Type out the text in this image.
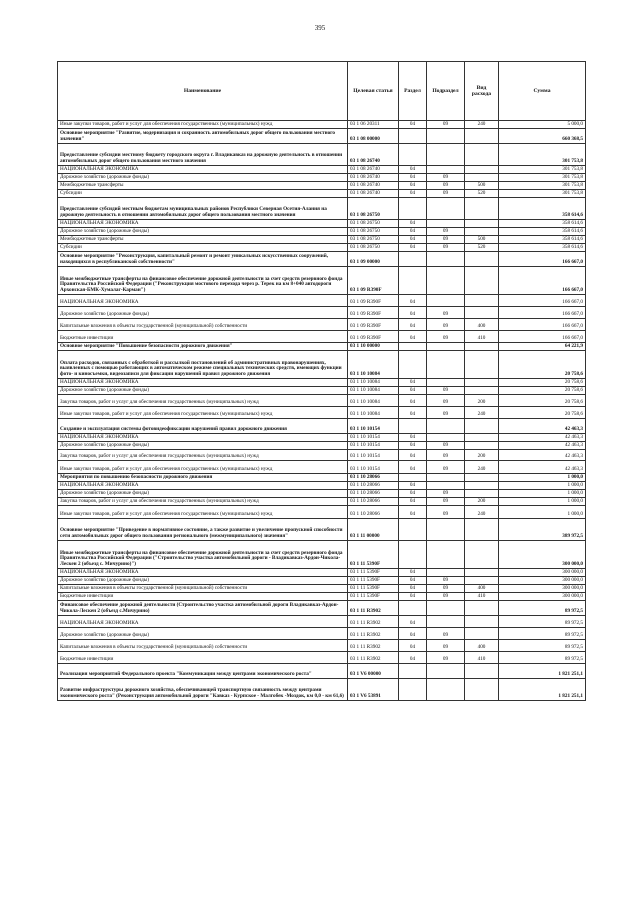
395
Наименование	Целевая статья	Раздел	Подраздел	Вид расхода	Сумма
Иные закупки товаров, работ и услуг для обеспечения государственных (муниципальных) нужд	03 1 06 20311	04	09	240	5 000,0
Основное мероприятие "Развитие, модернизация и сохранность автомобильных дорог общего пользования местного значения"	03 1 08 00000				660 368,5
Предоставление субсидии местному бюджету городского округа г. Владикавказ на дорожную деятельность в отношении автомобильных дорог общего пользования местного значения	03 1 08 26740				301 753,8
НАЦИОНАЛЬНАЯ ЭКОНОМИКА	03 1 08 26740	04			301 753,8
Дорожное хозяйство (дорожные фонды)	03 1 08 26740	04	09		301 753,8
Межбюджетные трансферты	03 1 08 26740	04	09	500	301 753,8
Субсидии	03 1 08 26740	04	09	520	301 753,8
Предоставление субсидий местным бюджетам муниципальных районов Республики Северная Осетия-Алания на дорожную деятельность в отношении автомобильных дорог общего пользования местного значения	03 1 08 26750				358 614,6
НАЦИОНАЛЬНАЯ ЭКОНОМИКА	03 1 08 26750	04			358 614,6
Дорожное хозяйство (дорожные фонды)	03 1 08 26750	04	09		358 614,6
Межбюджетные трансферты	03 1 08 26750	04	09	500	358 614,6
Субсидии	03 1 08 26750	04	09	520	358 614,6
Основное мероприятие "Реконструкция, капитальный ремонт и ремонт уникальных искусственных сооружений, находящихся в республиканской собственности"	03 1 09 00000				166 667,0
Иные межбюджетные трансферты на финансовое обеспечение дорожной деятельности за счет средств резервного фонда Правительства Российской Федерации ("Реконструкция мостового перехода через р. Терек на км 8+040 автодороги Архонская-БМК-Хумалаг-Карман")	03 1 09 R390F				166 667,0
НАЦИОНАЛЬНАЯ ЭКОНОМИКА	03 1 09 R390F	04			166 667,0
Дорожное хозяйство (дорожные фонды)	03 1 09 R390F	04	09		166 667,0
Капитальные вложения в объекты государственной (муниципальной) собственности	03 1 09 R390F	04	09	400	166 667,0
Бюджетные инвестиции	03 1 09 R390F	04	09	410	166 667,0
Основное мероприятие "Повышение безопасности дорожного движения"	03 1 10 00000				64 221,9
Оплата расходов, связанных с обработкой и рассылкой постановлений об административных правонарушениях, выявленных с помощью работающих в автоматическом режиме специальных технических средств, имеющих функции фото- и киносъемки, видеозаписи для фиксации нарушений правил дорожного движения	03 1 10 10084				20 758,6
НАЦИОНАЛЬНАЯ ЭКОНОМИКА	03 1 10 10084	04			20 758,6
Дорожное хозяйство (дорожные фонды)	03 1 10 10084	04	09		20 758,6
Закупка товаров, работ и услуг для обеспечения государственных (муниципальных) нужд	03 1 10 10084	04	09	200	20 758,6
Иные закупки товаров, работ и услуг для обеспечения государственных (муниципальных) нужд	03 1 10 10084	04	09	240	20 758,6
Создание и эксплуатация системы фотовидеофиксации нарушений правил дорожного движения	03 1 10 10154				42 463,3
НАЦИОНАЛЬНАЯ ЭКОНОМИКА	03 1 10 10154	04			42 463,3
Дорожное хозяйство (дорожные фонды)	03 1 10 10154	04	09		42 463,3
Закупка товаров, работ и услуг для обеспечения государственных (муниципальных) нужд	03 1 10 10154	04	09	200	42 463,3
Иные закупки товаров, работ и услуг для обеспечения государственных (муниципальных) нужд	03 1 10 10154	04	09	240	42 463,3
Мероприятия по повышению безопасности дорожного движения	03 1 10 28066				1 000,0
НАЦИОНАЛЬНАЯ ЭКОНОМИКА	03 1 10 28066	04			1 000,0
Дорожное хозяйство (дорожные фонды)	03 1 10 28066	04	09		1 000,0
Закупка товаров, работ и услуг для обеспечения государственных (муниципальных) нужд	03 1 10 28066	04	09	200	1 000,0
Иные закупки товаров, работ и услуг для обеспечения государственных (муниципальных) нужд	03 1 10 28066	04	09	240	1 000,0
Основное мероприятие "Приведение в нормативное состояние, а также развитие и увеличение пропускной способности сети автомобильных дорог общего пользования регионального (межмуниципального) значения"	03 1 11 00000				389 972,5
Иные межбюджетные трансферты на финансовое обеспечение дорожной деятельности за счет средств резервного фонда Правительства Российской Федерации ("Строительство участка автомобильной дороги - Владикавказ-Ардон-Чикола-Лескен 2 (объезд с. Мичурино)")	03 1 11 5390F				300 000,0
НАЦИОНАЛЬНАЯ ЭКОНОМИКА	03 1 11 5390F	04			300 000,0
Дорожное хозяйство (дорожные фонды)	03 1 11 5390F	04	09		300 000,0
Капитальные вложения в объекты государственной (муниципальной) собственности	03 1 11 5390F	04	09	400	300 000,0
Бюджетные инвестиции	03 1 11 5390F	04	09	410	300 000,0
Финансовое обеспечение дорожной деятельности (Строительство участка автомобильной дороги Владикавказ-Ардон-Чикола-Лескен 2 (объезд с.Мичурино)	03 1 11 R3902				89 972,5
НАЦИОНАЛЬНАЯ ЭКОНОМИКА	03 1 11 R3902	04			89 972,5
Дорожное хозяйство (дорожные фонды)	03 1 11 R3902	04	09		89 972,5
Капитальные вложения в объекты государственной (муниципальной) собственности	03 1 11 R3902	04	09	400	89 972,5
Бюджетные инвестиции	03 1 11 R3902	04	09	410	89 972,5
Реализация мероприятий Федерального проекта "Коммуникации между центрами экономического роста"	03 1 V6 00000				1 821 251,1
Развитие инфраструктуры дорожного хозяйства, обеспечивающей транспортную связанность между центрами экономического роста" (Реконструкция автомобильной дороги "Кавказ - Курпское - Малгобек -Моздок, км 0,0 - км 61,6)	03 1 V6 53891				1 821 251,1
